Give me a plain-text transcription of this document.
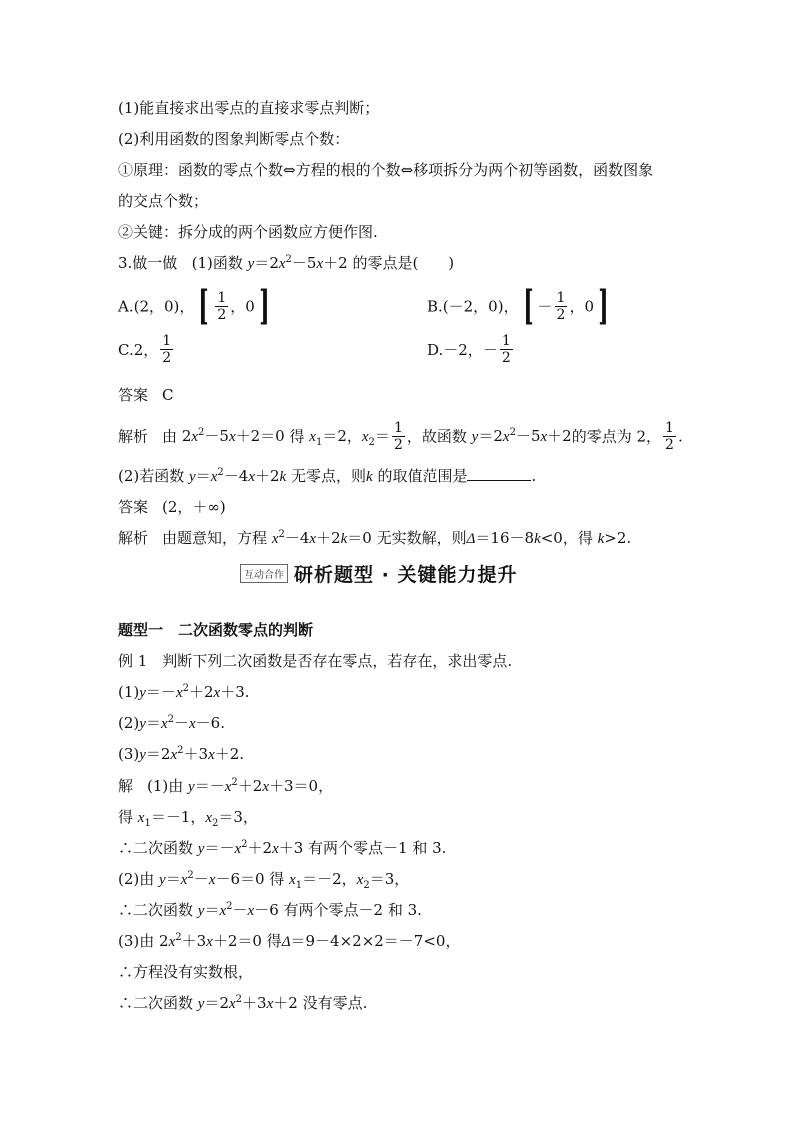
(1)能直接求出零点的直接求零点判断；
(2)利用函数的图象判断零点个数：
①原理：函数的零点个数⇔方程的根的个数⇔移项拆分为两个初等函数，函数图象
的交点个数；
②关键：拆分成的两个函数应方便作图.
3.做一做 (1)函数 $y=2x^2-5x+2$ 的零点是(　　)
A.(2，0)， [ $\frac{1}{2}$ ，0 ]	B.(－2，0)， [ － $\frac{1}{2}$ ，0 ]
C.2， $\frac{1}{2}$	D.－2，－ $\frac{1}{2}$
答案 C
解析 由 $2x^2-5x+2=0$ 得 $x_1=2$，$x_2= \frac{1}{2}$ ，故函数 $y=2x^2-5x+2$的零点为 2， $\frac{1}{2}$ .
(2)若函数 $y=x^2-4x+2k$ 无零点，则k 的取值范围是	.
答案 (2，＋∞)
解析 由题意知，方程 $x^2-4x+2k=0$ 无实数解，则Δ＝16－8k<0，得 k>2.
互动合作 研析题型 · 关键能力提升
题型一　二次函数零点的判断
例 1　判断下列二次函数是否存在零点，若存在，求出零点.
$(1)y=-x^2+2x+3$.
$(2)y=x^2-x-6$.
$(3)y=2x^2+3x+2$.
解 (1)由 $y=-x^2+2x+3=0$，
得 $x_1=-1$，$x_2=3$，
∴二次函数 $y=-x^2+2x+3$ 有两个零点－1 和 3.
(2)由 $y=x^2-x-6=0$ 得 $x_1=-2$，$x_2=3$，
∴二次函数 $y=x^2-x-6$ 有两个零点－2 和 3.
(3)由 $2x^2+3x+2=0$ 得Δ＝9－4×2×2＝－7<0，
∴方程没有实数根，
∴二次函数 $y=2x^2+3x+2$ 没有零点.
